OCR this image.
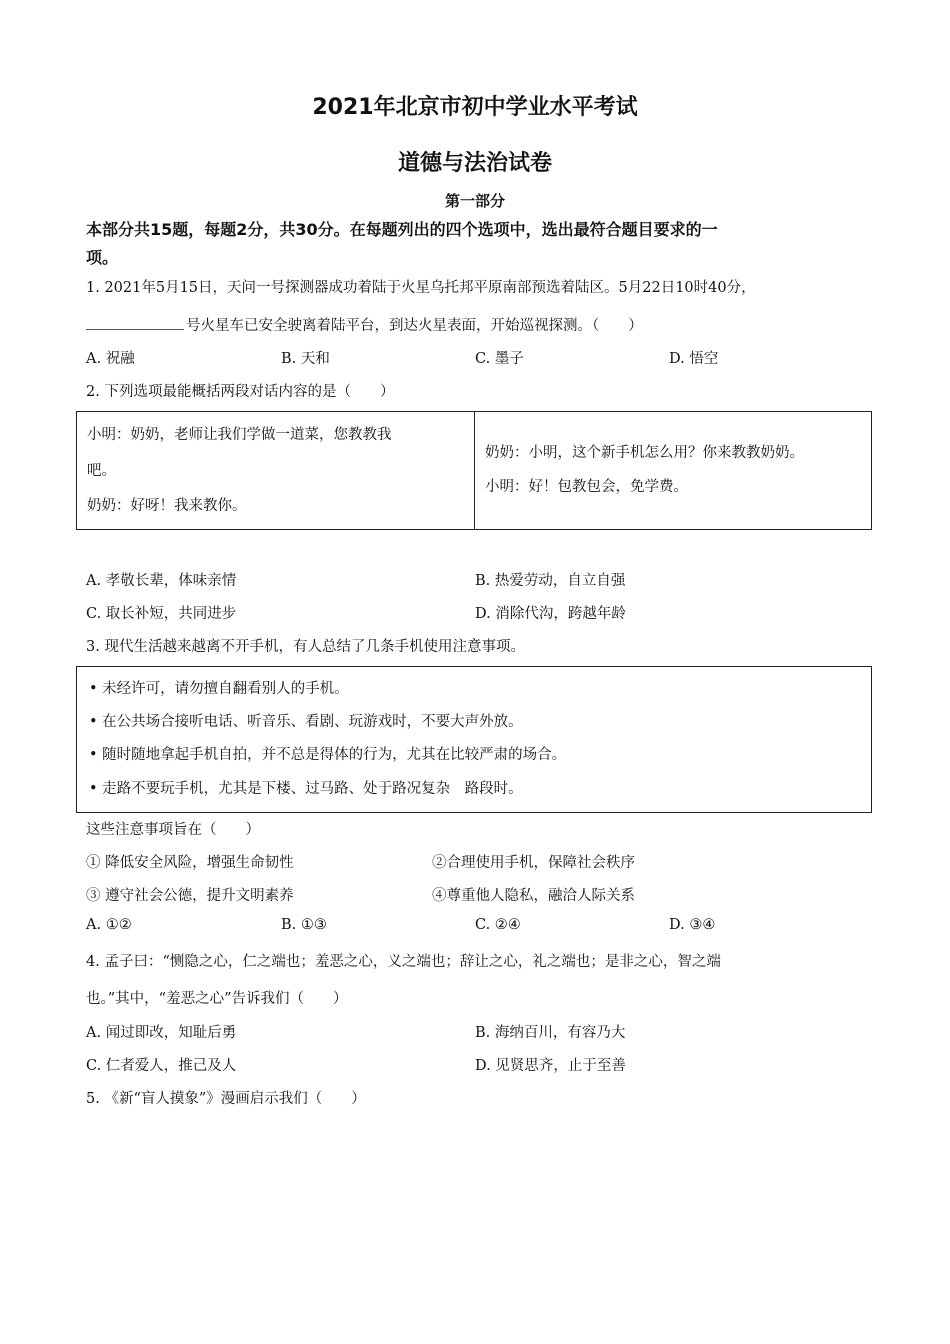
2021年北京市初中学业水平考试
道德与法治试卷
第一部分
本部分共15题，每题2分，共30分。在每题列出的四个选项中，选出最符合题目要求的一
项。
1. 2021年5月15日，天问一号探测器成功着陆于火星乌托邦平原南部预选着陆区。5月22日10时40分，
号火星车已安全驶离着陆平台，到达火星表面，开始巡视探测。（　　）
A. 祝融	B. 天和	C. 墨子	D. 悟空
2. 下列选项最能概括两段对话内容的是（　　）
小明：奶奶，老师让我们学做一道菜，您教教我
吧。
奶奶：好呀！我来教你。
奶奶：小明，这个新手机怎么用？你来教教奶奶。
小明：好！包教包会，免学费。
A. 孝敬长辈，体味亲情	B. 热爱劳动，自立自强
C. 取长补短，共同进步	D. 消除代沟，跨越年龄
3. 现代生活越来越离不开手机，有人总结了几条手机使用注意事项。
• 未经许可，请勿擅自翻看别人的手机。
• 在公共场合接听电话、听音乐、看剧、玩游戏时，不要大声外放。
• 随时随地拿起手机自拍，并不总是得体的行为，尤其在比较严肃的场合。
• 走路不要玩手机，尤其是下楼、过马路、处于路况复杂　路段时。
这些注意事项旨在（　　）
① 降低安全风险，增强生命韧性	②合理使用手机，保障社会秩序
③ 遵守社会公德，提升文明素养	④尊重他人隐私，融洽人际关系
A. ①②	B. ①③	C. ②④	D. ③④
4. 孟子曰：“恻隐之心，仁之端也；羞恶之心，义之端也；辞让之心，礼之端也；是非之心，智之端
也。”其中，“羞恶之心”告诉我们（　　）
A. 闻过即改，知耻后勇	B. 海纳百川，有容乃大
C. 仁者爱人，推己及人	D. 见贤思齐，止于至善
5. 《新“盲人摸象”》漫画启示我们（　　）
